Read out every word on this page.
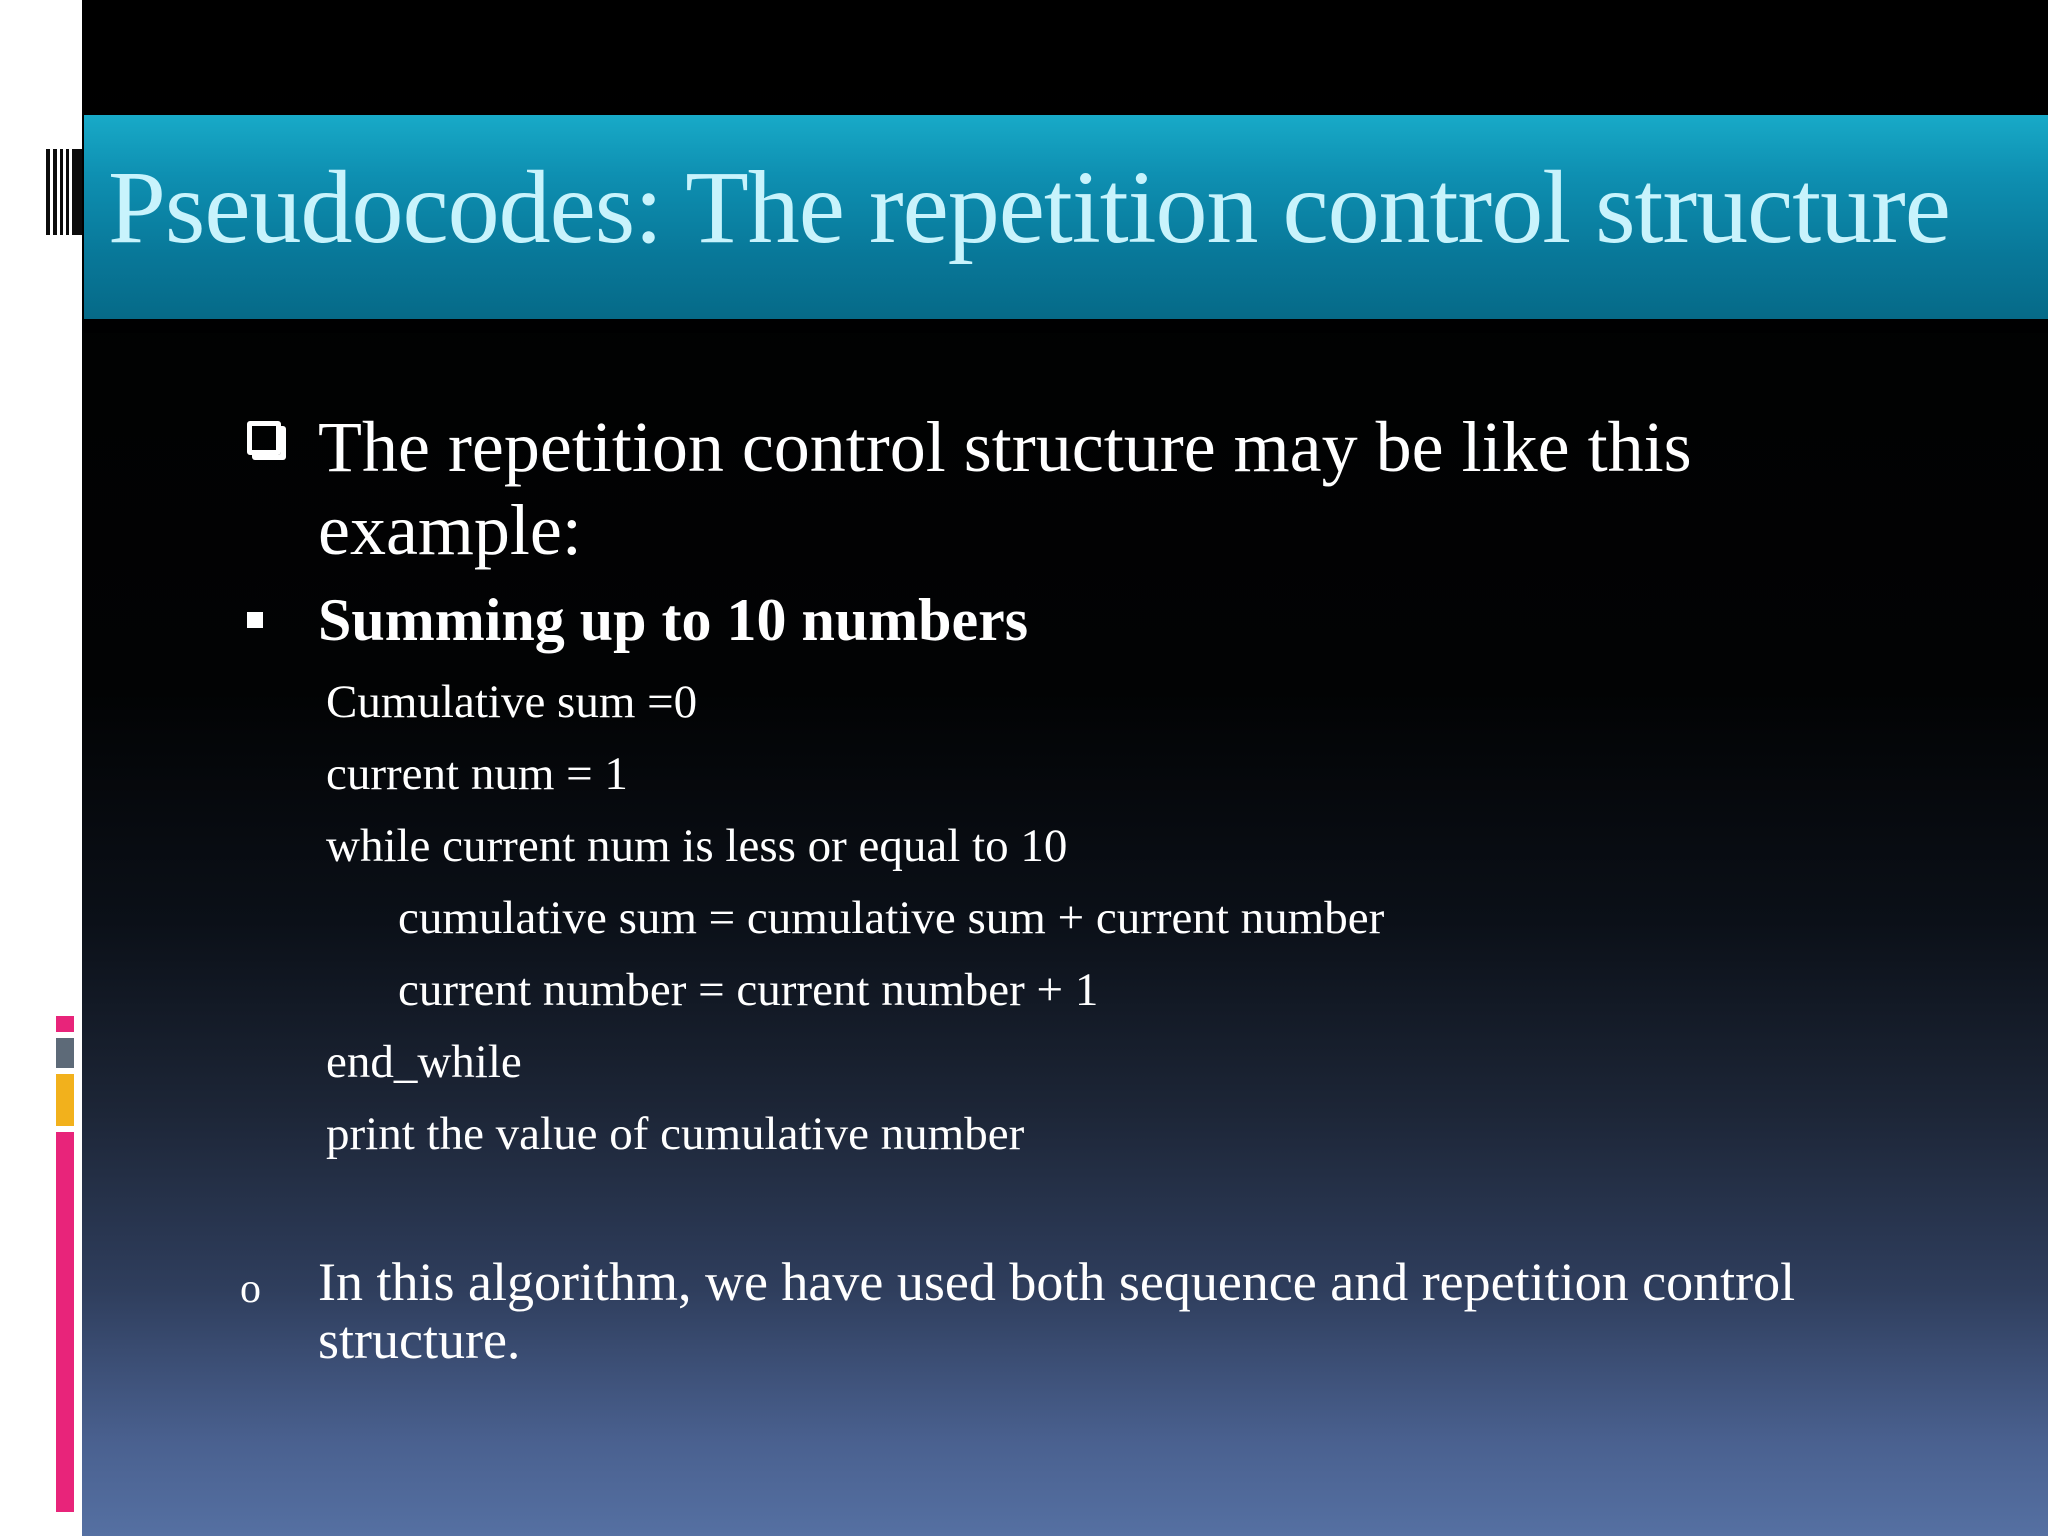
Pseudocodes: The repetition control structure
The repetition control structure may be like this
example:
Summing up to 10 numbers
Cumulative sum =0
current num = 1
while current num is less or equal to 10
cumulative sum = cumulative sum + current number
current number = current number + 1
end_while
print the value of cumulative number
o In this algorithm, we have used both sequence and repetition control
structure.
